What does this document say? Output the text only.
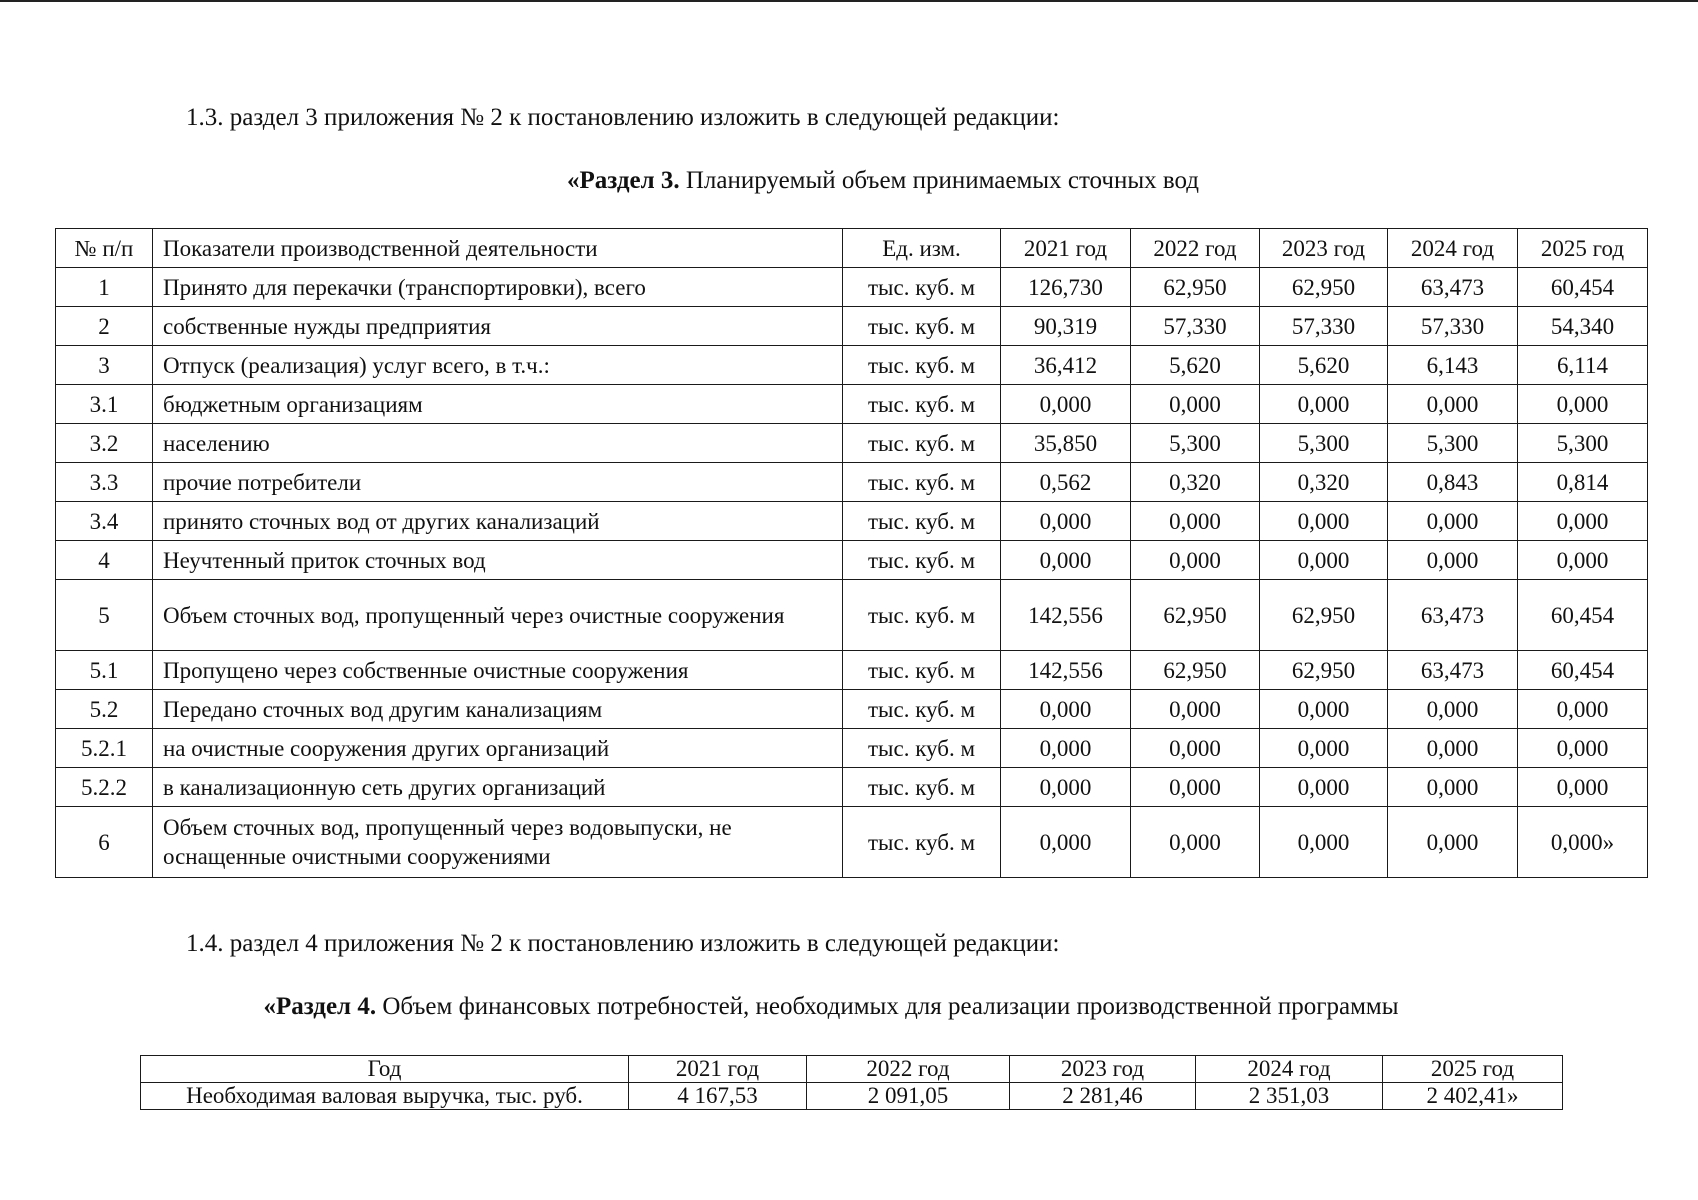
1.3. раздел 3 приложения № 2 к постановлению изложить в следующей редакции:
«Раздел 3. Планируемый объем принимаемых сточных вод
№ п/п	Показатели производственной деятельности	Ед. изм.	2021 год	2022 год	2023 год	2024 год	2025 год
1	Принято для перекачки (транспортировки), всего	тыс. куб. м	126,730	62,950	62,950	63,473	60,454
2	собственные нужды предприятия	тыс. куб. м	90,319	57,330	57,330	57,330	54,340
3	Отпуск (реализация) услуг всего, в т.ч.:	тыс. куб. м	36,412	5,620	5,620	6,143	6,114
3.1	бюджетным организациям	тыс. куб. м	0,000	0,000	0,000	0,000	0,000
3.2	населению	тыс. куб. м	35,850	5,300	5,300	5,300	5,300
3.3	прочие потребители	тыс. куб. м	0,562	0,320	0,320	0,843	0,814
3.4	принято сточных вод от других канализаций	тыс. куб. м	0,000	0,000	0,000	0,000	0,000
4	Неучтенный приток сточных вод	тыс. куб. м	0,000	0,000	0,000	0,000	0,000
5	Объем сточных вод, пропущенный через очистные сооружения	тыс. куб. м	142,556	62,950	62,950	63,473	60,454
5.1	Пропущено через собственные очистные сооружения	тыс. куб. м	142,556	62,950	62,950	63,473	60,454
5.2	Передано сточных вод другим канализациям	тыс. куб. м	0,000	0,000	0,000	0,000	0,000
5.2.1	на очистные сооружения других организаций	тыс. куб. м	0,000	0,000	0,000	0,000	0,000
5.2.2	в канализационную сеть других организаций	тыс. куб. м	0,000	0,000	0,000	0,000	0,000
6	Объем сточных вод, пропущенный через водовыпуски, не оснащенные очистными сооружениями	тыс. куб. м	0,000	0,000	0,000	0,000	0,000»
1.4. раздел 4 приложения № 2 к постановлению изложить в следующей редакции:
«Раздел 4. Объем финансовых потребностей, необходимых для реализации производственной программы
Год	2021 год	2022 год	2023 год	2024 год	2025 год
Необходимая валовая выручка, тыс. руб.	4 167,53	2 091,05	2 281,46	2 351,03	2 402,41»
